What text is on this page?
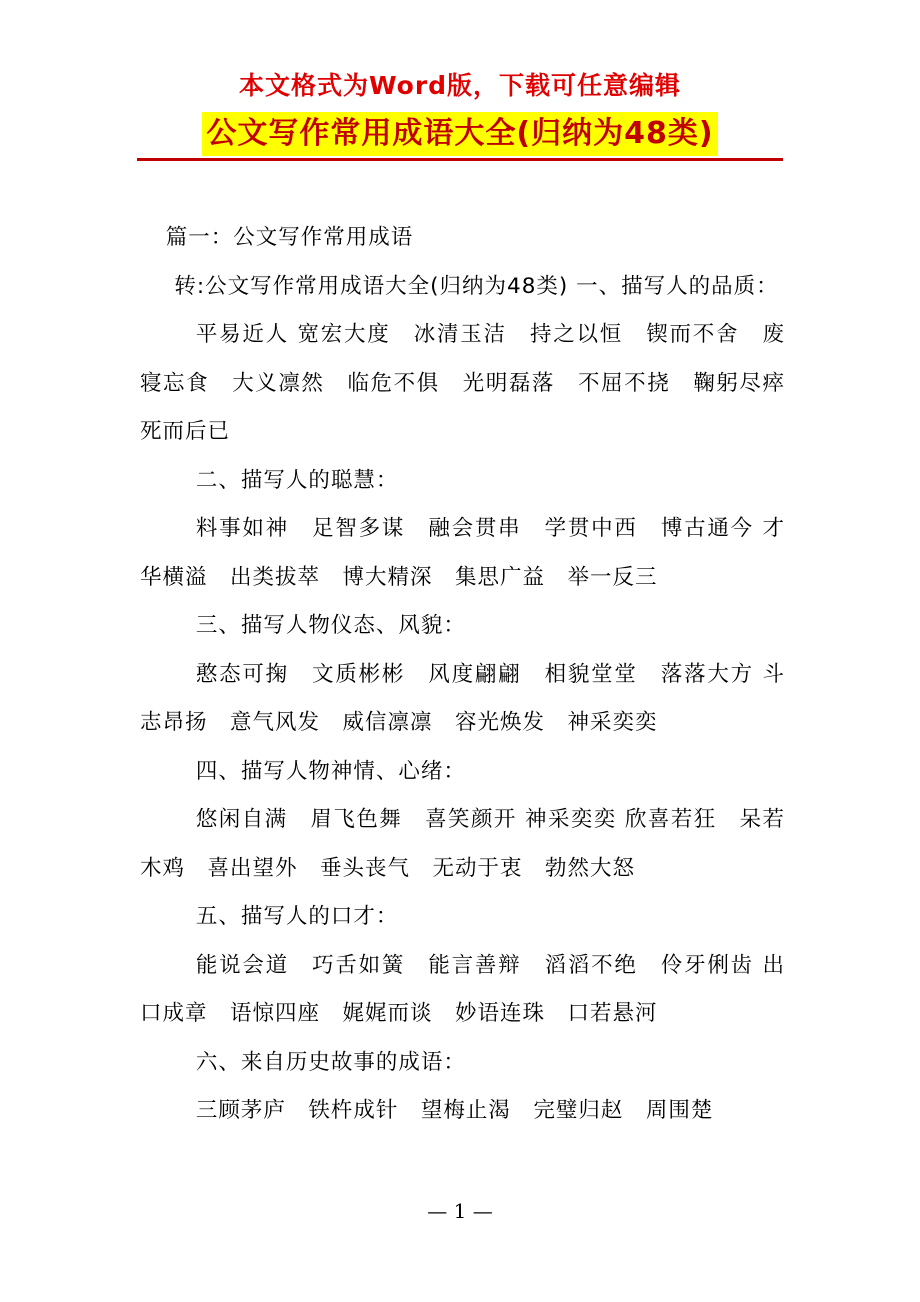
本文格式为Word版，下载可任意编辑
公文写作常用成语大全(归纳为48类)

篇一：公文写作常用成语

转:公文写作常用成语大全(归纳为48类) 一、描写人的品质：

平易近人 宽宏大度　冰清玉洁　持之以恒　锲而不舍　废寝忘食　大义凛然　临危不俱　光明磊落　不屈不挠　鞠躬尽瘁　死而后已

二、描写人的聪慧：

料事如神　足智多谋　融会贯串　学贯中西　博古通今 才华横溢　出类拔萃　博大精深　集思广益　举一反三

三、描写人物仪态、风貌：

憨态可掬　文质彬彬　风度翩翩　相貌堂堂　落落大方 斗志昂扬　意气风发　威信凛凛　容光焕发　神采奕奕

四、描写人物神情、心绪：

悠闲自满　眉飞色舞　喜笑颜开 神采奕奕 欣喜若狂　呆若木鸡　喜出望外　垂头丧气　无动于衷　勃然大怒

五、描写人的口才：

能说会道　巧舌如簧　能言善辩　滔滔不绝　伶牙俐齿 出口成章　语惊四座　娓娓而谈　妙语连珠　口若悬河

六、来自历史故事的成语：

三顾茅庐　铁杵成针　望梅止渴　完璧归赵　周围楚

— 1 —
